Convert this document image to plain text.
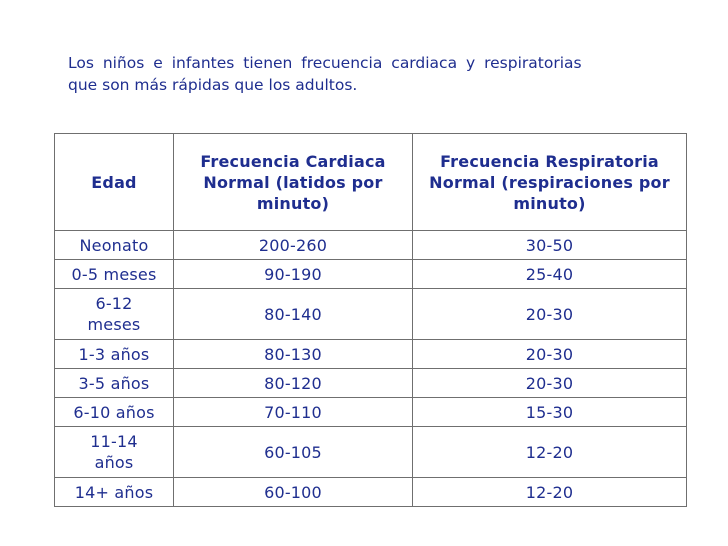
Los niños e infantes tienen frecuencia cardiaca y respiratorias
que son más rápidas que los adultos.
Edad	Frecuencia Cardiaca Normal (latidos por minuto)	Frecuencia Respiratoria Normal (respiraciones por minuto)
Neonato	200-260	30-50
0-5 meses	90-190	25-40
6-12 meses	80-140	20-30
1-3 años	80-130	20-30
3-5 años	80-120	20-30
6-10 años	70-110	15-30
11-14 años	60-105	12-20
14+ años	60-100	12-20
